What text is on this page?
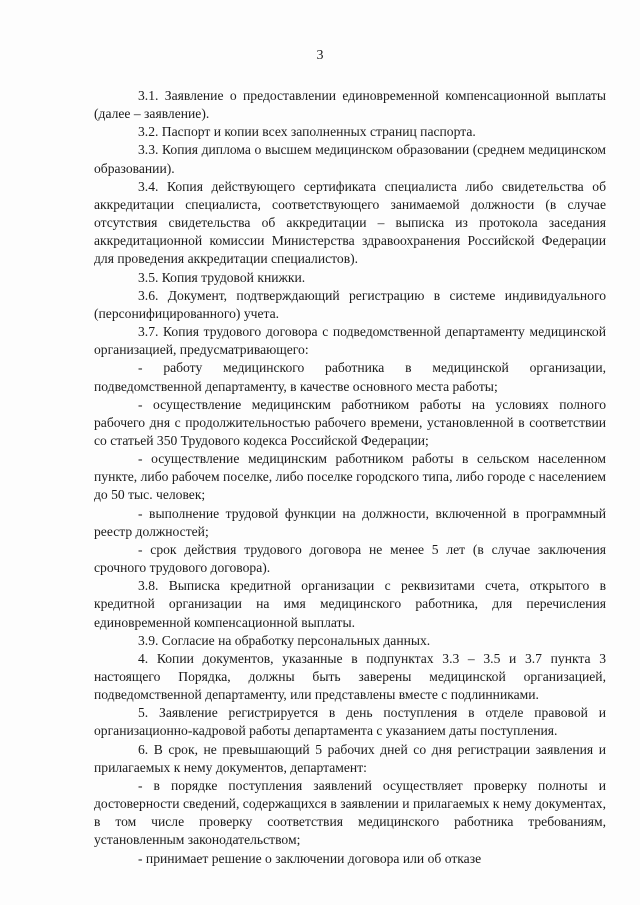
3

3.1. Заявление о предоставлении единовременной компенсационной выплаты (далее – заявление).

3.2. Паспорт и копии всех заполненных страниц паспорта.

3.3. Копия диплома о высшем медицинском образовании (среднем медицинском образовании).

3.4. Копия действующего сертификата специалиста либо свидетельства об аккредитации специалиста, соответствующего занимаемой должности (в случае отсутствия свидетельства об аккредитации – выписка из протокола заседания аккредитационной комиссии Министерства здравоохранения Российской Федерации для проведения аккредитации специалистов).

3.5. Копия трудовой книжки.

3.6. Документ, подтверждающий регистрацию в системе индивидуального (персонифицированного) учета.

3.7. Копия трудового договора с подведомственной департаменту медицинской организацией, предусматривающего:

- работу медицинского работника в медицинской организации, подведомственной департаменту, в качестве основного места работы;

- осуществление медицинским работником работы на условиях полного рабочего дня с продолжительностью рабочего времени, установленной в соответствии со статьей 350 Трудового кодекса Российской Федерации;

- осуществление медицинским работником работы в сельском населенном пункте, либо рабочем поселке, либо поселке городского типа, либо городе с населением до 50 тыс. человек;

- выполнение трудовой функции на должности, включенной в программный реестр должностей;

- срок действия трудового договора не менее 5 лет (в случае заключения срочного трудового договора).

3.8. Выписка кредитной организации с реквизитами счета, открытого в кредитной организации на имя медицинского работника, для перечисления единовременной компенсационной выплаты.

3.9. Согласие на обработку персональных данных.

4. Копии документов, указанные в подпунктах 3.3 – 3.5 и 3.7 пункта 3 настоящего Порядка, должны быть заверены медицинской организацией, подведомственной департаменту, или представлены вместе с подлинниками.

5. Заявление регистрируется в день поступления в отделе правовой и организационно-кадровой работы департамента с указанием даты поступления.

6. В срок, не превышающий 5 рабочих дней со дня регистрации заявления и прилагаемых к нему документов, департамент:

- в порядке поступления заявлений осуществляет проверку полноты и достоверности сведений, содержащихся в заявлении и прилагаемых к нему документах, в том числе проверку соответствия медицинского работника требованиям, установленным законодательством;

- принимает решение о заключении договора или об отказе
